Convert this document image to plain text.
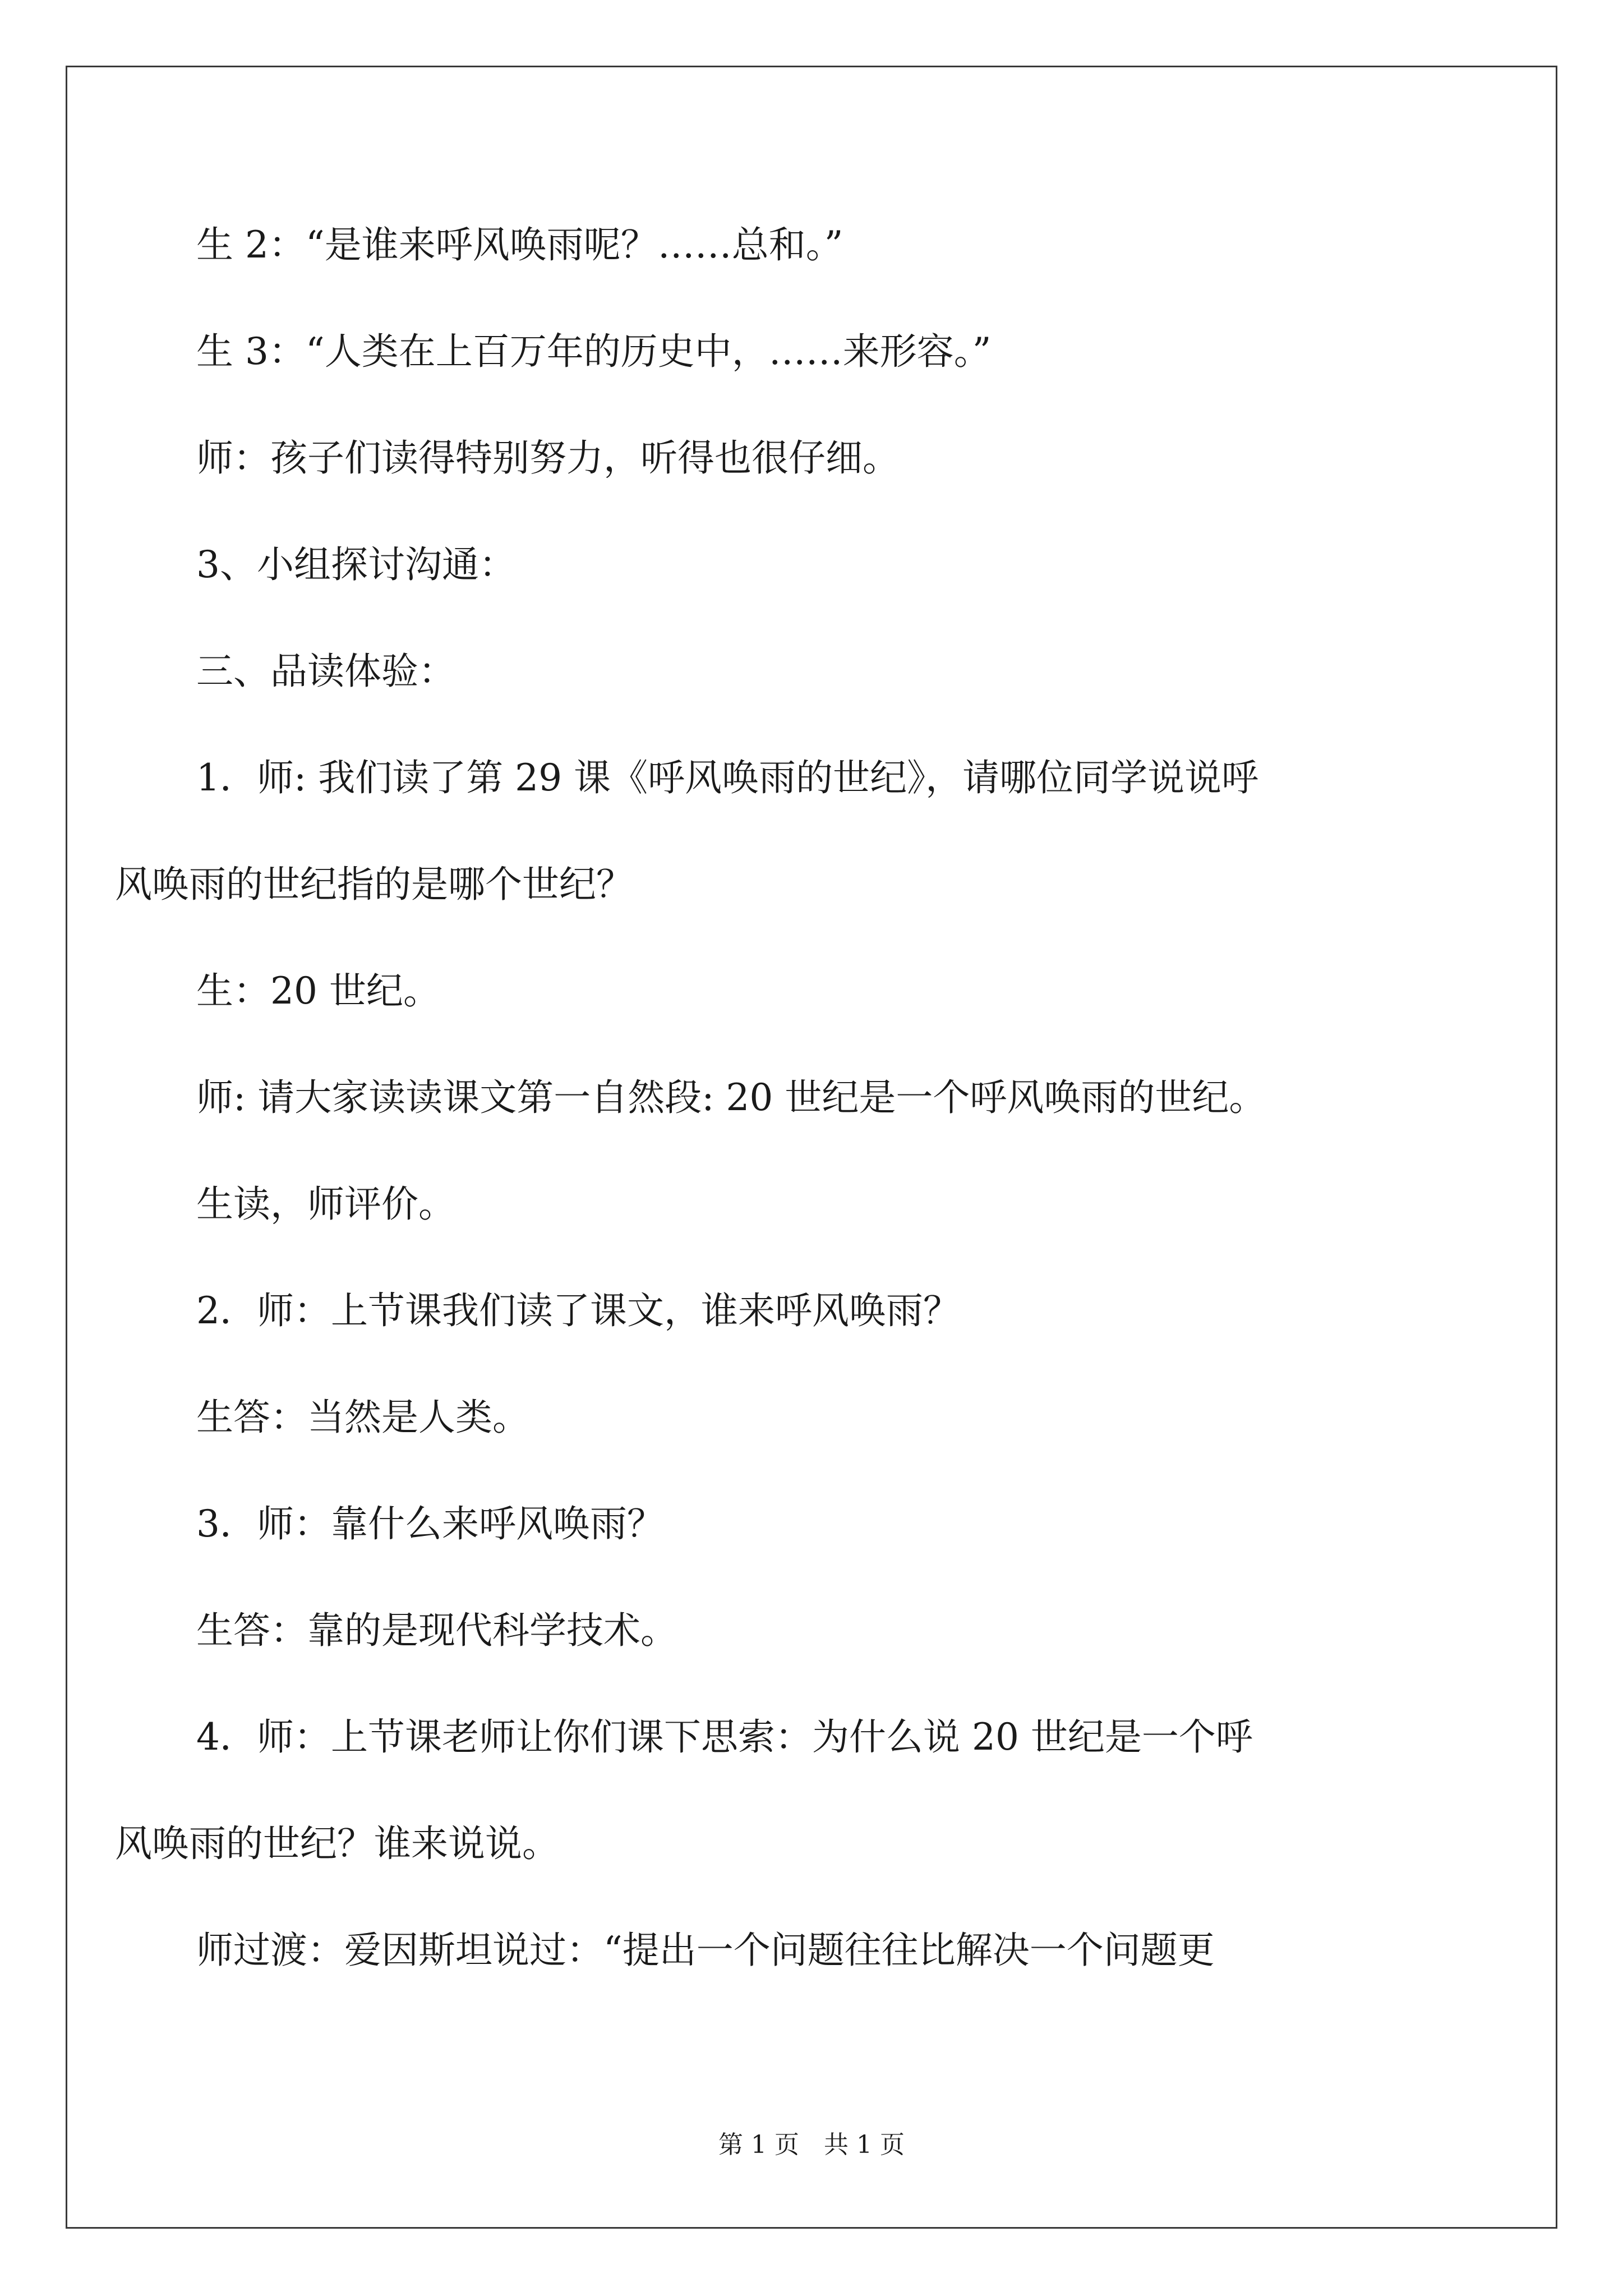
生 2：“是谁来呼风唤雨呢？……总和。”

生 3：“人类在上百万年的历史中，……来形容。”

师：孩子们读得特别努力，听得也很仔细。

3、小组探讨沟通：

三、品读体验：

1．师: 我们读了第 29 课《呼风唤雨的世纪》，请哪位同学说说呼

风唤雨的世纪指的是哪个世纪？

生：20 世纪。

师: 请大家读读课文第一自然段: 20 世纪是一个呼风唤雨的世纪。

生读，师评价。

2．师：上节课我们读了课文，谁来呼风唤雨？

生答：当然是人类。

3．师：靠什么来呼风唤雨？

生答：靠的是现代科学技术。

4．师：上节课老师让你们课下思索：为什么说 20 世纪是一个呼

风唤雨的世纪？谁来说说。

师过渡：爱因斯坦说过：“提出一个问题往往比解决一个问题更

第 1 页　共 1 页
